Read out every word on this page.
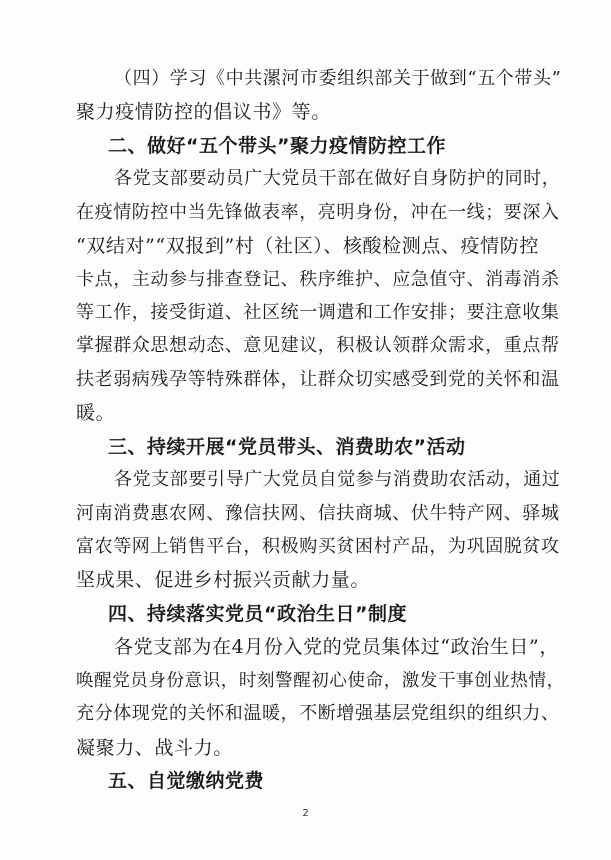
（四）学习《中共漯河市委组织部关于做到“五个带头”
聚力疫情防控的倡议书》等。
二、做好“五个带头”聚力疫情防控工作
各党支部要动员广大党员干部在做好自身防护的同时，
在疫情防控中当先锋做表率，亮明身份，冲在一线；要深入
“双结对”“双报到”村（社区）、核酸检测点、疫情防控
卡点，主动参与排查登记、秩序维护、应急值守、消毒消杀
等工作，接受街道、社区统一调遣和工作安排；要注意收集
掌握群众思想动态、意见建议，积极认领群众需求，重点帮
扶老弱病残孕等特殊群体，让群众切实感受到党的关怀和温
暖。
三、持续开展“党员带头、消费助农”活动
各党支部要引导广大党员自觉参与消费助农活动，通过
河南消费惠农网、豫信扶网、信扶商城、伏牛特产网、驿城
富农等网上销售平台，积极购买贫困村产品，为巩固脱贫攻
坚成果、促进乡村振兴贡献力量。
四、持续落实党员“政治生日”制度
各党支部为在4月份入党的党员集体过“政治生日”，
唤醒党员身份意识，时刻警醒初心使命，激发干事创业热情，
充分体现党的关怀和温暖，不断增强基层党组织的组织力、
凝聚力、战斗力。
五、自觉缴纳党费
2
